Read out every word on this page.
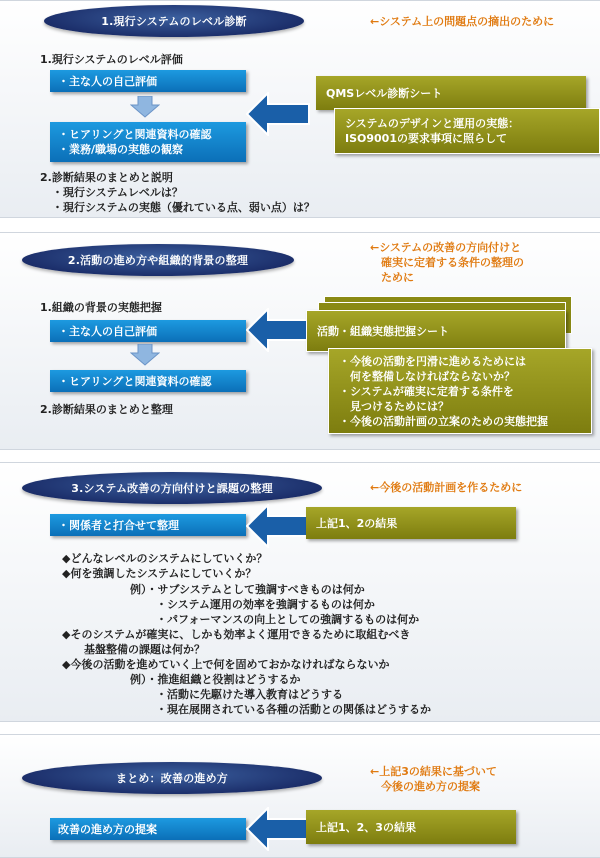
1.現行システムのレベル診断	←システム上の問題点の摘出のために
1.現行システムのレベル評価
・主な人の自己評価
・ヒアリングと関連資料の確認
・業務/職場の実態の観察
QMSレベル診断シート
システムのデザインと運用の実態：
ISO9001の要求事項に照らして
2.診断結果のまとめと説明
・現行システムレベルは？
・現行システムの実態（優れている点、弱い点）は？
2.活動の進め方や組織的背景の整理
←システムの改善の方向付けと
　確実に定着する条件の整理の
　ために
1.組織の背景の実態把握
・主な人の自己評価
・ヒアリングと関連資料の確認
2.診断結果のまとめと整理
活動・組織実態把握シート
・今後の活動を円滑に進めるためには
　何を整備しなければならないか？
・システムが確実に定着する条件を
　見つけるためには？
・今後の活動計画の立案のための実態把握
3.システム改善の方向付けと課題の整理	←今後の活動計画を作るために
・関係者と打合せて整理	上記1、2の結果
◆どんなレベルのシステムにしていくか？
◆何を強調したシステムにしていくか？
例）・サブシステムとして強調すべきものは何か
・システム運用の効率を強調するものは何か
・パフォーマンスの向上としての強調するものは何か
◆そのシステムが確実に、しかも効率よく運用できるために取組むべき
基盤整備の課題は何か？
◆今後の活動を進めていく上で何を固めておかなければならないか
例）・推進組織と役割はどうするか
・活動に先駆けた導入教育はどうする
・現在展開されている各種の活動との関係はどうするか
まとめ：改善の進め方
←上記3の結果に基づいて
　今後の進め方の提案
改善の進め方の提案	上記1、2、3の結果
